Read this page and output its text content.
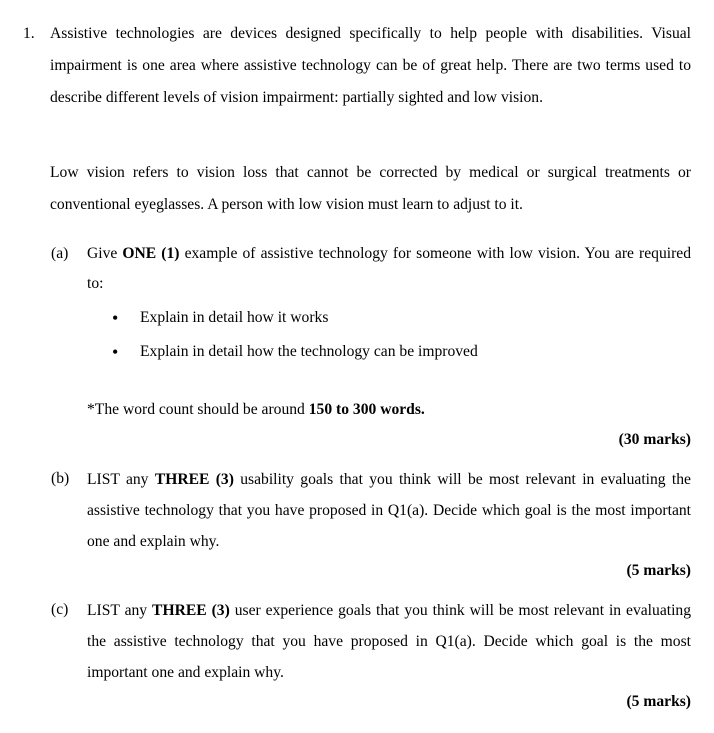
1. Assistive technologies are devices designed specifically to help people with disabilities. Visual impairment is one area where assistive technology can be of great help. There are two terms used to describe different levels of vision impairment: partially sighted and low vision.
Low vision refers to vision loss that cannot be corrected by medical or surgical treatments or conventional eyeglasses. A person with low vision must learn to adjust to it.
(a) Give ONE (1) example of assistive technology for someone with low vision. You are required to:
•
Explain in detail how it works
•
Explain in detail how the technology can be improved
*The word count should be around 150 to 300 words.
(30 marks)
(b) LIST any THREE (3) usability goals that you think will be most relevant in evaluating the assistive technology that you have proposed in Q1(a). Decide which goal is the most important one and explain why.
(5 marks)
(c) LIST any THREE (3) user experience goals that you think will be most relevant in evaluating the assistive technology that you have proposed in Q1(a). Decide which goal is the most important one and explain why.
(5 marks)
